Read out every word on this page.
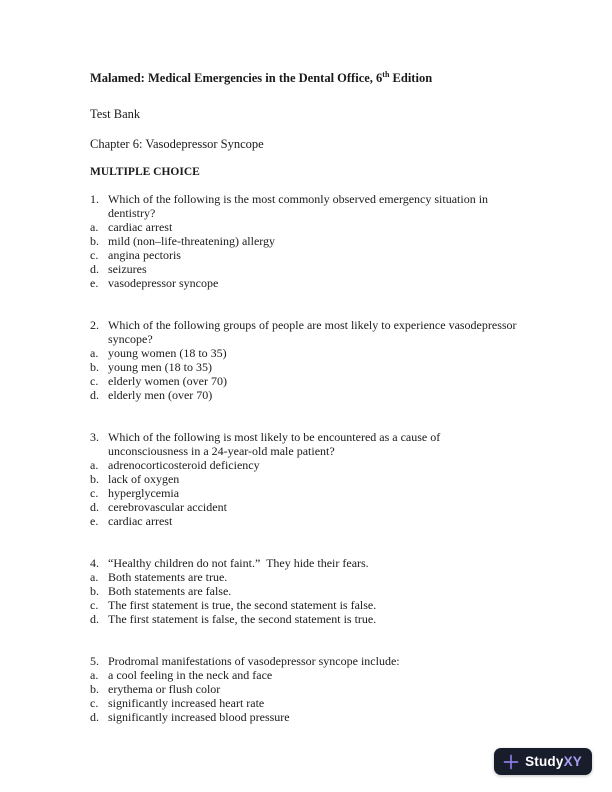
Malamed: Medical Emergencies in the Dental Office, 6th Edition

Test Bank

Chapter 6: Vasodepressor Syncope

MULTIPLE CHOICE

1. Which of the following is the most commonly observed emergency situation in dentistry?
a. cardiac arrest
b. mild (non–life-threatening) allergy
c. angina pectoris
d. seizures
e. vasodepressor syncope
2. Which of the following groups of people are most likely to experience vasodepressor syncope?
a. young women (18 to 35)
b. young men (18 to 35)
c. elderly women (over 70)
d. elderly men (over 70)
3. Which of the following is most likely to be encountered as a cause of unconsciousness in a 24-year-old male patient?
a. adrenocorticosteroid deficiency
b. lack of oxygen
c. hyperglycemia
d. cerebrovascular accident
e. cardiac arrest
4. “Healthy children do not faint.”  They hide their fears.
a. Both statements are true.
b. Both statements are false.
c. The first statement is true, the second statement is false.
d. The first statement is false, the second statement is true.
5. Prodromal manifestations of vasodepressor syncope include:
a. a cool feeling in the neck and face
b. erythema or flush color
c. significantly increased heart rate
d. significantly increased blood pressure
StudyXY
